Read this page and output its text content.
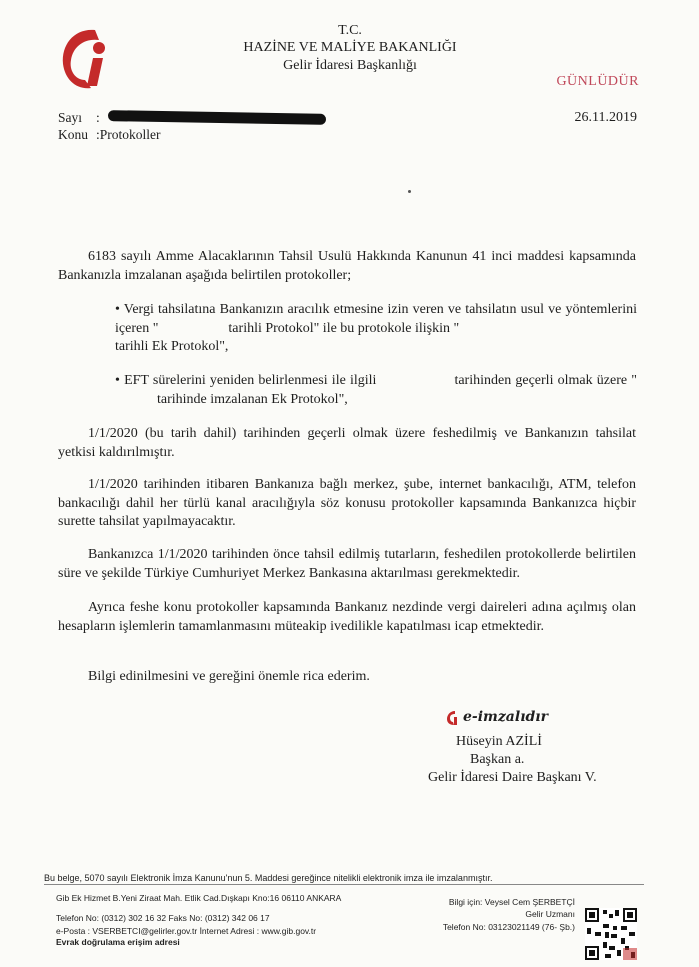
T.C.
HAZİNE VE MALİYE BAKANLIĞI
Gelir İdaresi Başkanlığı
GÜNLÜDÜR
Sayı :
Konu :Protokoller
26.11.2019
6183 sayılı Amme Alacaklarının Tahsil Usulü Hakkında Kanunun 41 inci maddesi kapsamında Bankanızla imzalanan aşağıda belirtilen protokoller;
• Vergi tahsilatına Bankanızın aracılık etmesine izin veren ve tahsilatın usul ve yöntemlerini içeren "	tarihli Protokol" ile bu protokole ilişkin "
tarihli Ek Protokol",
• EFT sürelerini yeniden belirlenmesi ile ilgili	tarihinden geçerli olmak üzere "tarihinde imzalanan Ek Protokol",
1/1/2020 (bu tarih dahil) tarihinden geçerli olmak üzere feshedilmiş ve Bankanızın tahsilat yetkisi kaldırılmıştır.
1/1/2020 tarihinden itibaren Bankanıza bağlı merkez, şube, internet bankacılığı, ATM, telefon bankacılığı dahil her türlü kanal aracılığıyla söz konusu protokoller kapsamında Bankanızca hiçbir surette tahsilat yapılmayacaktır.
Bankanızca 1/1/2020 tarihinden önce tahsil edilmiş tutarların, feshedilen protokollerde belirtilen süre ve şekilde Türkiye Cumhuriyet Merkez Bankasına aktarılması gerekmektedir.
Ayrıca feshe konu protokoller kapsamında Bankanız nezdinde vergi daireleri adına açılmış olan hesapların işlemlerin tamamlanmasını müteakip ivedilikle kapatılması icap etmektedir.
Bilgi edinilmesini ve gereğini önemle rica ederim.
e-imzalıdır
Hüseyin AZİLİ
Başkan a.
Gelir İdaresi Daire Başkanı V.
Bu belge, 5070 sayılı Elektronik İmza Kanunu'nun 5. Maddesi gereğince nitelikli elektronik imza ile imzalanmıştır.
Gib Ek Hizmet B.Yeni Ziraat Mah. Etlik Cad.Dışkapı Kno:16 06110 ANKARA
Telefon No: (0312) 302 16 32 Faks No: (0312) 342 06 17
e-Posta : VSERBETCI@gelirler.gov.tr İnternet Adresi : www.gib.gov.tr
Evrak doğrulama erişim adresi
Bilgi için: Veysel Cem ŞERBETÇİ
Gelir Uzmanı
Telefon No: 03123021149 (76- Şb.)
